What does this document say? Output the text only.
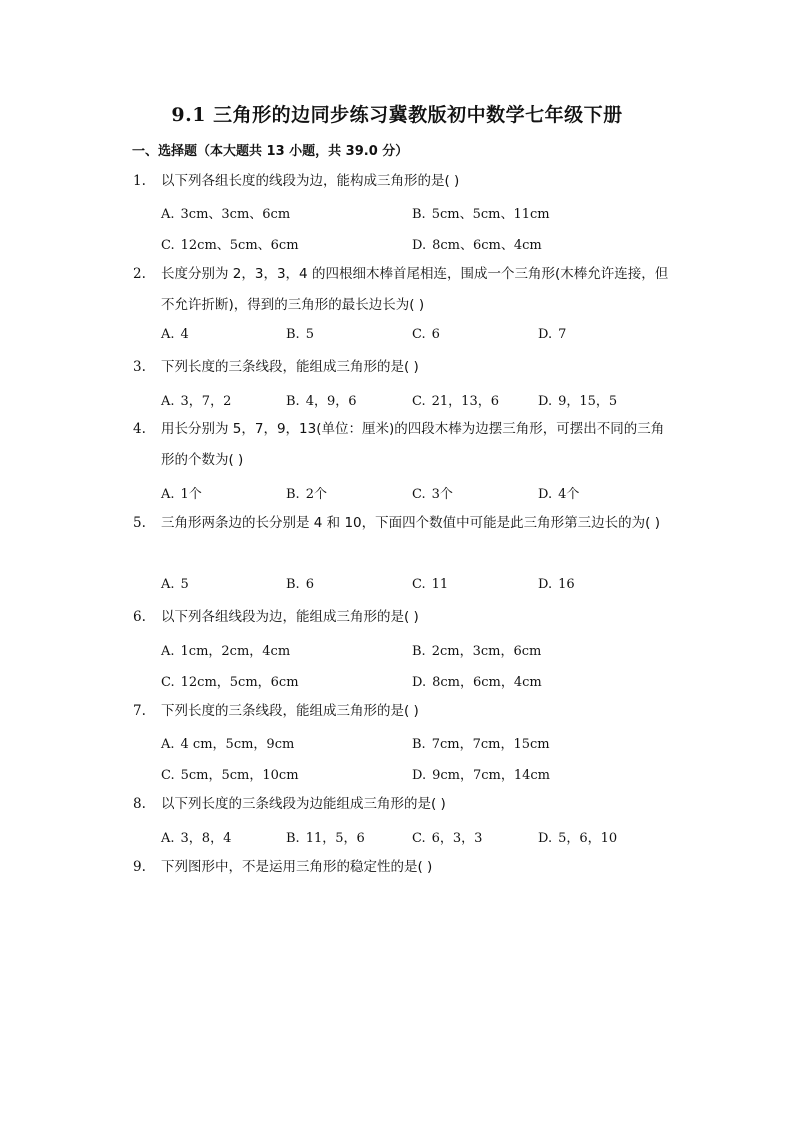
9.1 三角形的边同步练习冀教版初中数学七年级下册
一、选择题（本大题共 13 小题，共 39.0 分）
1.	以下列各组长度的线段为边，能构成三角形的是( )
A. 3cm、3cm、6cm	B. 5cm、5cm、11cm
C. 12cm、5cm、6cm	D. 8cm、6cm、4cm
2.	长度分别为 2，3，3，4 的四根细木棒首尾相连，围成一个三角形(木棒允许连接，但不允许折断)，得到的三角形的最长边长为( )
A. 4	B. 5	C. 6	D. 7
3.	下列长度的三条线段，能组成三角形的是( )
A. 3，7，2	B. 4，9，6	C. 21，13，6	D. 9，15，5
4.	用长分别为 5，7，9，13(单位：厘米)的四段木棒为边摆三角形，可摆出不同的三角形的个数为( )
A. 1个	B. 2个	C. 3个	D. 4个
5.	三角形两条边的长分别是 4 和 10，下面四个数值中可能是此三角形第三边长的为( )
A. 5	B. 6	C. 11	D. 16
6.	以下列各组线段为边，能组成三角形的是( )
A. 1cm，2cm，4cm	B. 2cm，3cm，6cm
C. 12cm，5cm，6cm	D. 8cm，6cm，4cm
7.	下列长度的三条线段，能组成三角形的是( )
A. 4 cm，5cm，9cm	B. 7cm，7cm，15cm
C. 5cm，5cm，10cm	D. 9cm，7cm，14cm
8.	以下列长度的三条线段为边能组成三角形的是( )
A. 3，8，4	B. 11，5，6	C. 6，3，3	D. 5，6，10
9.	下列图形中，不是运用三角形的稳定性的是( )
